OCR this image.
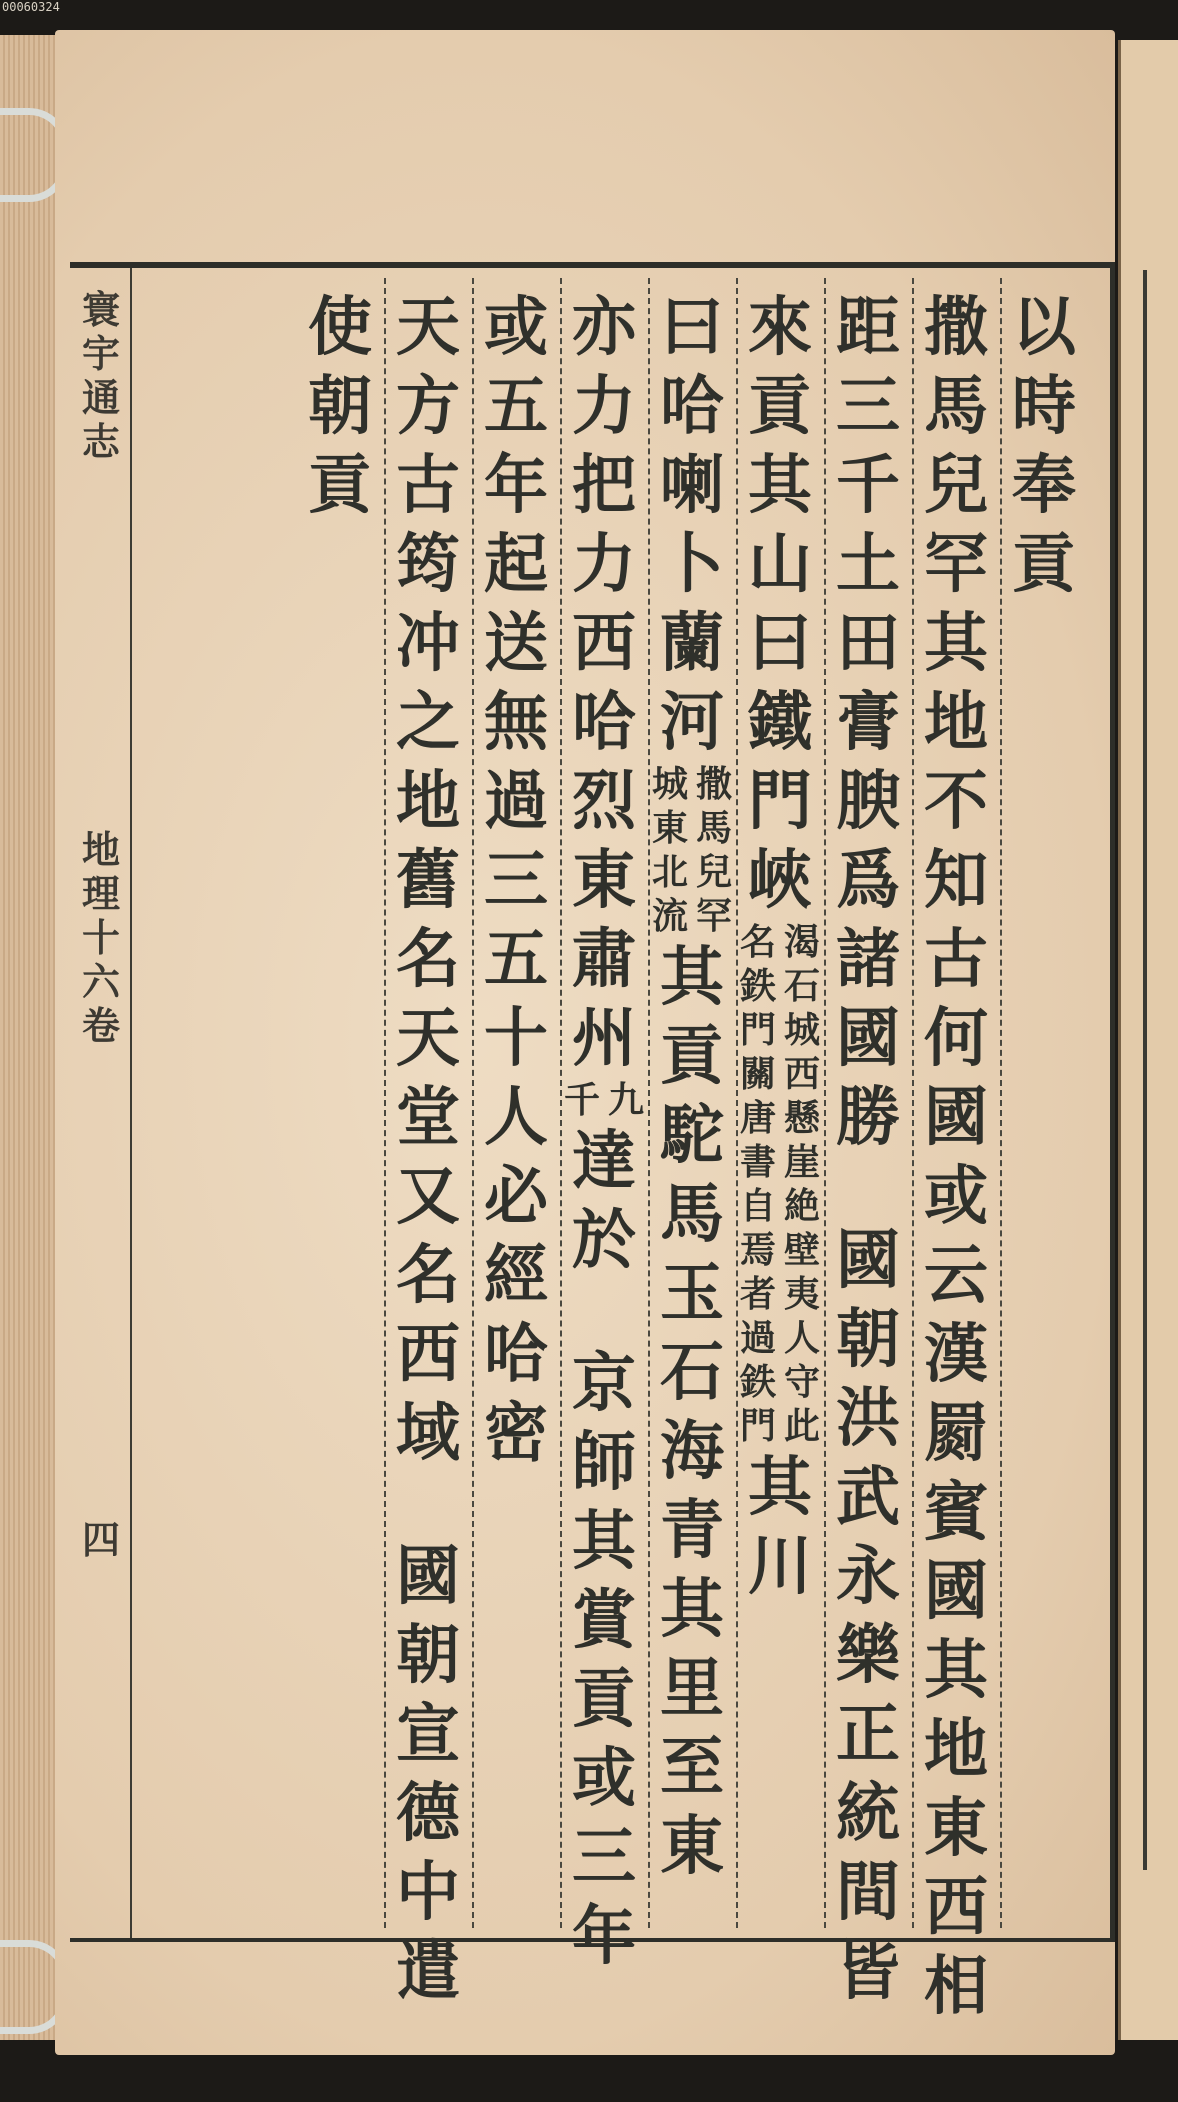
00060324
寰
宇
通
志
地
理
十
六
卷
四
以
時
奉
貢
撒
馬
兒
罕
其
地
不
知
古
何
國
或
云
漢
罽
賓
國
其
地
東
西
相
距
三
千
土
田
膏
腴
爲
諸
國
勝
國
朝
洪
武
永
樂
正
統
間
皆
來
貢
其
山
曰
鐵
門
峽
名
鉄
門
關
唐
書
自
焉
者
過
鉄
門
渴
石
城
西
懸
崖
絶
壁
夷
人
守
此
其
川
曰
哈
喇
卜
蘭
河
城
東
北
流
撒
馬
兒
罕
其
貢
駝
馬
玉
石
海
青
其
里
至
東
亦
力
把
力
西
哈
烈
東
肅
州
千 九
達
於
京
師
其
賞
貢
或
三
年
或
五
年
起
送
無
過
三
五
十
人
必
經
哈
密
天
方
古
筠
冲
之
地
舊
名
天
堂
又
名
西
域
國
朝
宣
德
中
遣
使
朝
貢
